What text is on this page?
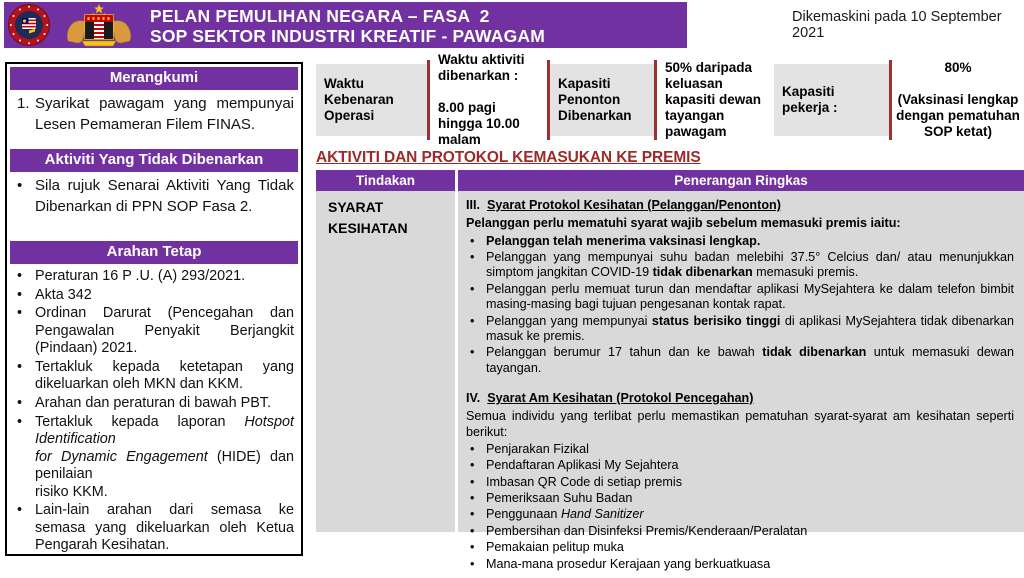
PELAN PEMULIHAN NEGARA – FASA  2
SOP SEKTOR INDUSTRI KREATIF - PAWAGAM
Dikemaskini pada 10 September 2021
Merangkumi
1. Syarikat pawagam yang mempunyai Lesen Pemameran Filem FINAS.
Aktiviti Yang Tidak Dibenarkan
• Sila rujuk Senarai Aktiviti Yang Tidak Dibenarkan di PPN SOP Fasa 2.
Arahan Tetap
• Peraturan 16 P .U. (A) 293/2021.
• Akta 342
• Ordinan Darurat (Pencegahan dan Pengawalan Penyakit Berjangkit (Pindaan) 2021.
• Tertakluk kepada ketetapan yang dikeluarkan oleh MKN dan KKM.
• Arahan dan peraturan di bawah PBT.
• Tertakluk kepada laporan Hotspot Identification
for Dynamic Engagement (HIDE) dan penilaian
risiko KKM.
• Lain-lain arahan dari semasa ke semasa yang dikeluarkan oleh Ketua Pengarah Kesihatan.
Waktu Kebenaran Operasi
Waktu aktiviti dibenarkan :

8.00 pagi hingga 10.00 malam
Kapasiti Penonton Dibenarkan
50% daripada keluasan kapasiti dewan tayangan pawagam
Kapasiti pekerja :
80%

(Vaksinasi lengkap dengan pematuhan SOP ketat)
AKTIVITI DAN PROTOKOL KEMASUKAN KE PREMIS
Tindakan	Penerangan Ringkas
SYARAT
KESIHATAN
III. Syarat Protokol Kesihatan (Pelanggan/Penonton)
Pelanggan perlu mematuhi syarat wajib sebelum memasuki premis iaitu:
• Pelanggan telah menerima vaksinasi lengkap.
• Pelanggan yang mempunyai suhu badan melebihi 37.5° Celcius dan/ atau menunjukkan simptom jangkitan COVID-19 tidak dibenarkan memasuki premis.
• Pelanggan perlu memuat turun dan mendaftar aplikasi MySejahtera ke dalam telefon bimbit masing-masing bagi tujuan pengesanan kontak rapat.
• Pelanggan yang mempunyai status berisiko tinggi di aplikasi MySejahtera tidak dibenarkan masuk ke premis.
• Pelanggan berumur 17 tahun dan ke bawah tidak dibenarkan untuk memasuki dewan tayangan.
IV. Syarat Am Kesihatan (Protokol Pencegahan)
Semua individu yang terlibat perlu memastikan pematuhan syarat-syarat am kesihatan seperti berikut:
• Penjarakan Fizikal
• Pendaftaran Aplikasi My Sejahtera
• Imbasan QR Code di setiap premis
• Pemeriksaan Suhu Badan
• Penggunaan Hand Sanitizer
• Pembersihan dan Disinfeksi Premis/Kenderaan/Peralatan
• Pemakaian pelitup muka
• Mana-mana prosedur Kerajaan yang berkuatkuasa
